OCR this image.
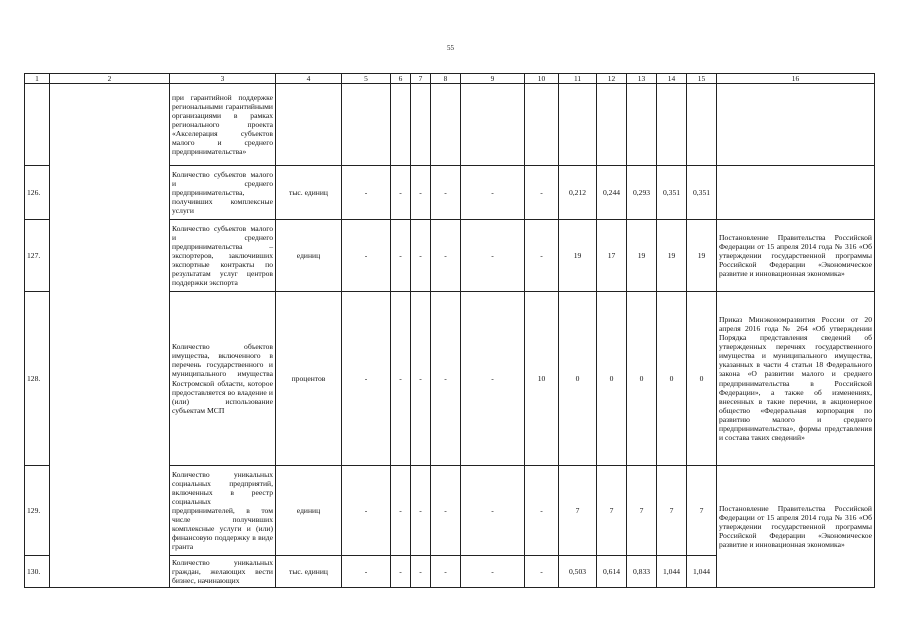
55
1	2	3	4	5	6	7	8	9	10	11	12	13	14	15	16
		при гарантийной поддержке региональными гарантийными организациями в рамках регионального проекта «Акселерация субъектов малого и среднего предпринимательства»													
126.		Количество субъектов малого и среднего предпринимательства, получивших комплексные услуги	тыс. единиц	-	-	-	-	-	-	0,212	0,244	0,293	0,351	0,351	
127.		Количество субъектов малого и среднего предпринимательства – экспортеров, заключивших экспортные контракты по результатам услуг центров поддержки экспорта	единиц	-	-	-	-	-	-	19	17	19	19	19	Постановление Правительства Российской Федерации от 15 апреля 2014 года № 316 «Об утверждении государственной программы Российской Федерации «Экономическое развитие и инновационная экономика»
128.		Количество объектов имущества, включенного в перечень государственного и муниципального имущества Костромской области, которое предоставляется во владение и (или) использование субъектам МСП	процентов	-	-	-	-	-	10	0	0	0	0	0	Приказ Минэкономразвития России от 20 апреля 2016 года № 264 «Об утверждении Порядка представления сведений об утвержденных перечнях государственного имущества и муниципального имущества, указанных в части 4 статьи 18 Федерального закона «О развитии малого и среднего предпринимательства в Российской Федерации», а также об изменениях, внесенных в такие перечни, в акционерное общество «Федеральная корпорация по развитию малого и среднего предпринимательства», формы представления и состава таких сведений»
129.		Количество уникальных социальных предприятий, включенных в реестр социальных предпринимателей, в том числе получивших комплексные услуги и (или) финансовую поддержку в виде гранта	единиц	-	-	-	-	-	-	7	7	7	7	7	Постановление Правительства Российской Федерации от 15 апреля 2014 года № 316 «Об утверждении государственной программы Российской Федерации «Экономическое развитие и инновационная экономика»
130.		Количество уникальных граждан, желающих вести бизнес, начинающих	тыс. единиц	-	-	-	-	-	-	0,503	0,614	0,833	1,044	1,044	
